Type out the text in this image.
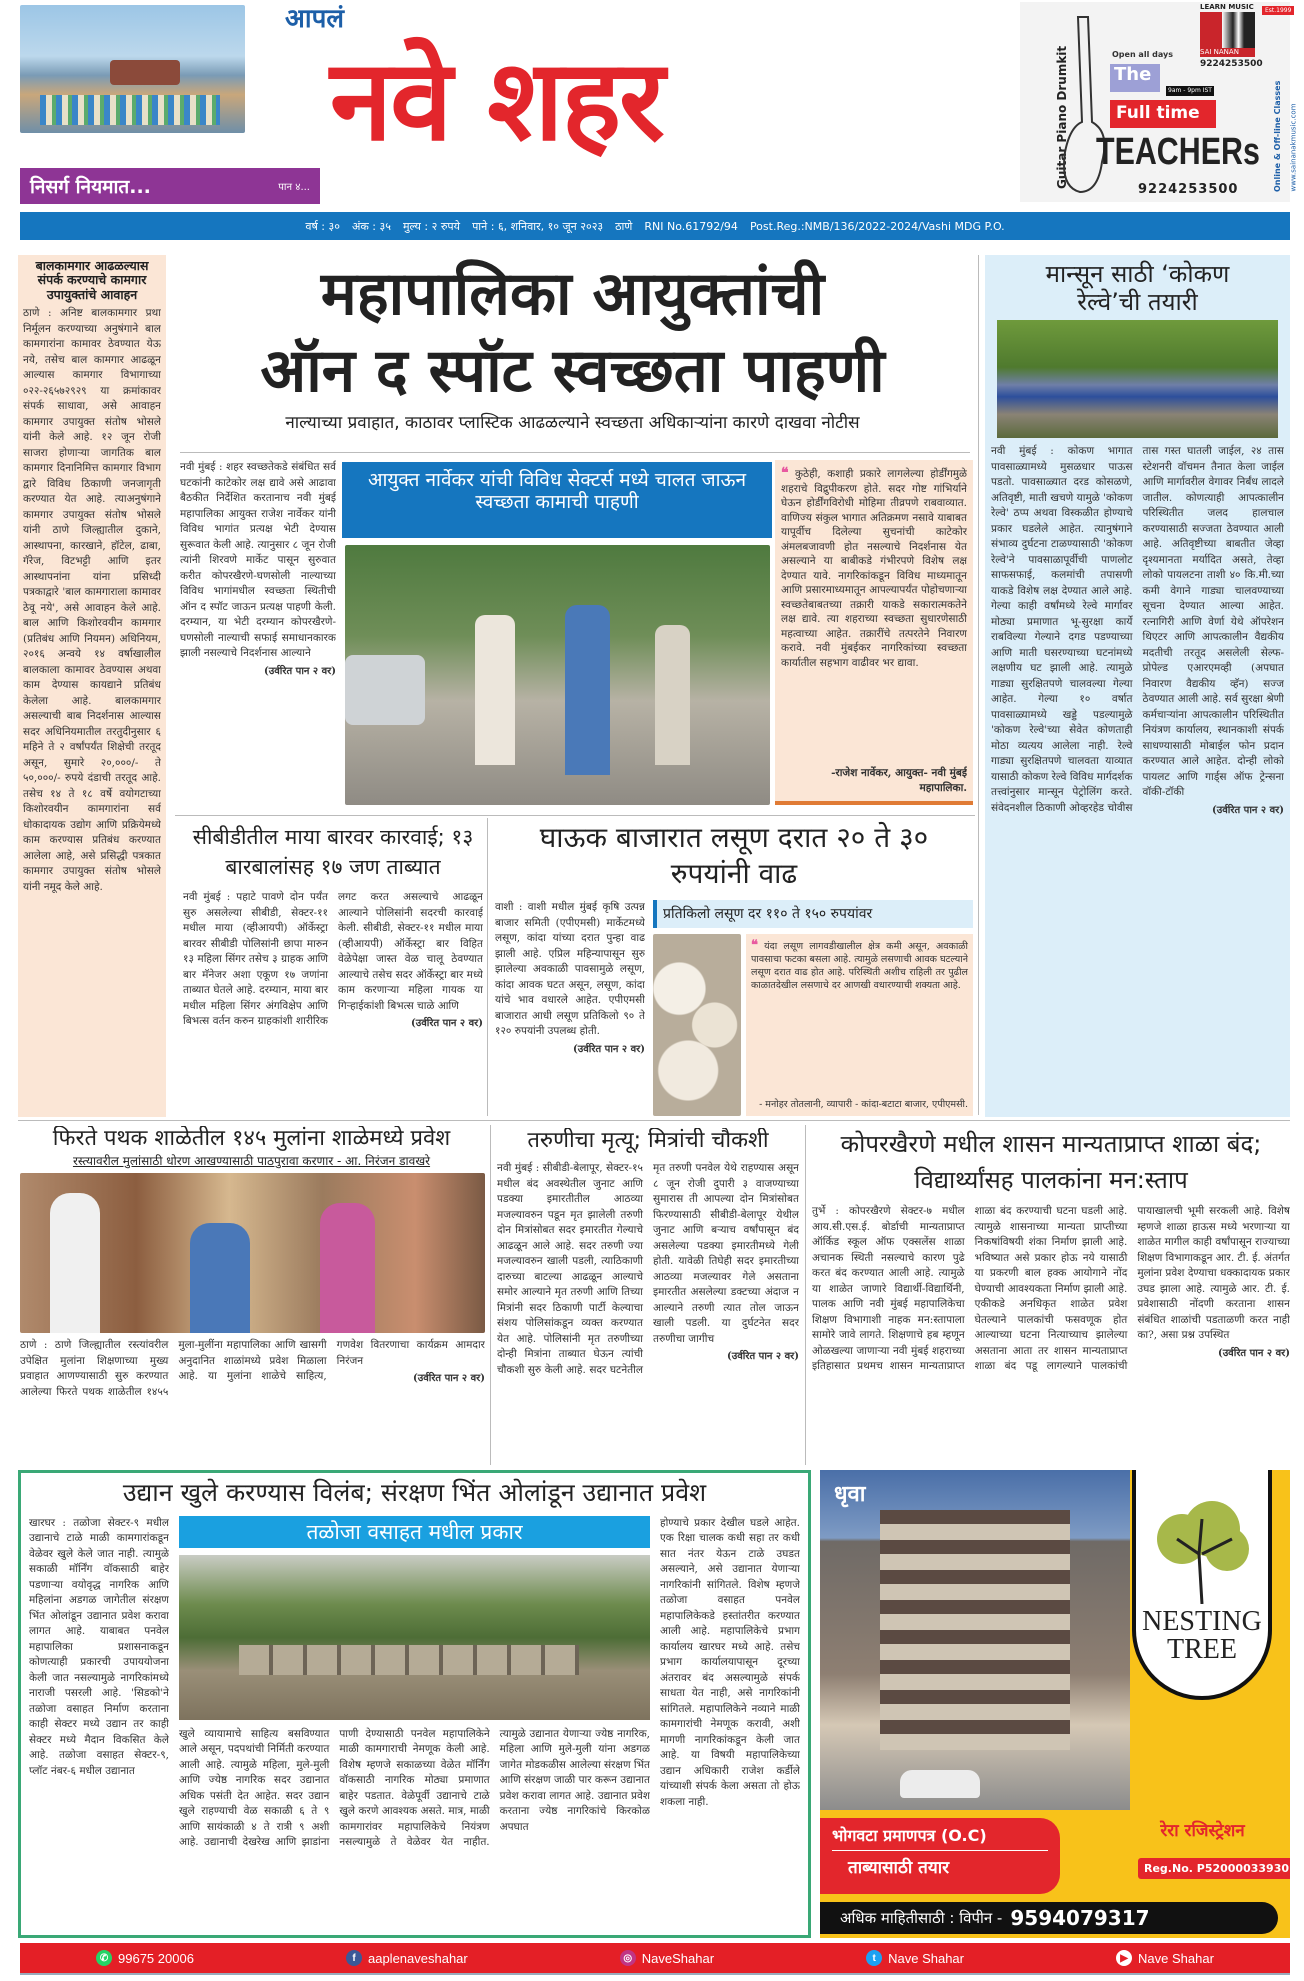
निसर्ग नियमात...	पान ४...
आपलं
नवे शहर	Guitar Piano Drumkit	Open all days
The
9am - 9pm IST
Full time
TEACHERs
9224253500
LEARN MUSIC
SAI NANAN
9224253500
Est.1999
Online & Off-line Classes www.sainanakmusic.com
वर्ष : ३० अंक : ३५ मुल्य : २ रुपये पाने : ६, शनिवार, १० जून २०२३ ठाणे RNI No.61792/94 Post.Reg.:NMB/136/2022-2024/Vashi MDG P.O.
बालकामगार आढळल्यास संपर्क करण्याचे कामगार उपायुक्तांचे आवाहन
ठाणे : अनिष्ट बालकामगार प्रथा निर्मूलन करण्याच्या अनुषंगाने बाल कामगारांना कामावर ठेवण्यात येऊ नये, तसेच बाल कामगार आढळून आल्यास कामगार विभागाच्या ०२२-२६५७२९२९ या क्रमांकावर संपर्क साधावा, असे आवाहन कामगार उपायुक्त संतोष भोसले यांनी केले आहे. १२ जून रोजी साजरा होणाऱ्या जागतिक बाल कामगार दिनानिमित्त कामगार विभाग द्वारे विविध ठिकाणी जनजागृती करण्यात येत आहे. त्याअनुषंगाने कामगार उपायुक्त संतोष भोसले यांनी ठाणे जिल्ह्यातील दुकाने, आस्थापना, कारखाने, हॉटेल, ढाबा, गॅरेज, विटभट्टी आणि इतर आस्थापनांना यांना प्रसिध्दी पत्रकाद्वारे 'बाल कामगाराला कामावर ठेवू नये', असे आवाहन केले आहे. बाल आणि किशोरवयीन कामगार (प्रतिबंध आणि नियमन) अधिनियम, २०१६ अन्वये १४ वर्षाखालील बालकाला कामावर ठेवण्यास अथवा काम देण्यास कायद्याने प्रतिबंध केलेला आहे. बालकामगार असल्याची बाब निदर्शनास आल्यास सदर अधिनियमातील तरतुदीनुसार ६ महिने ते २ वर्षांपर्यंत शिक्षेची तरतूद असून, सुमारे २०,०००/- ते ५०,०००/- रुपये दंडाची तरतूद आहे. तसेच १४ ते १८ वर्षे वयोगटाच्या किशोरवयीन कामगारांना सर्व धोकादायक उद्योग आणि प्रक्रियेमध्ये काम करण्यास प्रतिबंध करण्यात आलेला आहे, असे प्रसिद्धी पत्रकात कामगार उपायुक्त संतोष भोसले यांनी नमूद केले आहे.
महापालिका आयुक्तांची
ऑन द स्पॉट स्वच्छता पाहणी
नाल्याच्या प्रवाहात, काठावर प्लास्टिक आढळल्याने स्वच्छता अधिकाऱ्यांना कारणे दाखवा नोटीस
नवी मुंबई : शहर स्वच्छतेकडे संबंधित सर्व घटकांनी काटेकोर लक्ष द्यावे असे आढावा बैठकीत निर्देशित करतानाच नवी मुंबई महापालिका आयुक्त राजेश नार्वेकर यांनी विविध भागांत प्रत्यक्ष भेटी देण्यास सुरूवात केली आहे. त्यानुसार ८ जून रोजी त्यांनी शिरवणे मार्केट पासून सुरुवात करीत कोपरखैरणे-घणसोली नाल्याच्या विविध भागांमधील स्वच्छता स्थितीची ऑन द स्पॉट जाऊन प्रत्यक्ष पाहणी केली. दरम्यान, या भेटी दरम्यान कोपरखैरणे-घणसोली नाल्याची सफाई समाधानकारक झाली नसल्याचे निदर्शनास आल्याने
(उर्वरित पान २ वर)
आयुक्त नार्वेकर यांची विविध सेक्टर्स मध्ये चालत जाऊन स्वच्छता कामाची पाहणी
❝ कुठेही, कशाही प्रकारे लागलेल्या होर्डींगमुळे शहराचे विद्रुपीकरण होते. सदर गोष्ट गांभिर्याने घेऊन होर्डींगविरोधी मोहिमा तीव्रपणे राबवाव्यात. वाणिज्य संकुल भागात अतिक्रमण नसावे याबाबत यापूर्वीच दिलेल्या सुचनांची काटेकोर अंमलबजावणी होत नसल्याचे निदर्शनास येत असल्याने या बाबीकडे गंभीरपणे विशेष लक्ष देण्यात यावे. नागरिकांकडून विविध माध्यमातून आणि प्रसारमाध्यमातून आपल्यापर्यंत पोहोचणाऱ्या स्वच्छतेबाबतच्या तक्रारी याकडे सकारात्मकतेने लक्ष द्यावे. त्या शहराच्या स्वच्छता सुधारणेसाठी महत्वाच्या आहेत. तक्रारींचे तत्परतेने निवारण करावे. नवी मुंबईकर नागरिकांच्या स्वच्छता कार्यातील सहभाग वाढीवर भर द्यावा.
-राजेश नार्वेकर, आयुक्त- नवी मुंबई महापालिका.
मान्सून साठी ‘कोकण रेल्वे’ची तयारी
नवी मुंबई : कोकण भागात पावसाळ्यामध्ये मुसळधार पाऊस पडतो. पावसाळ्यात दरड कोसळणे, अतिवृष्टी, माती खचणे यामुळे 'कोकण रेल्वे' ठप्प अथवा विस्कळीत होण्याचे प्रकार घडलेले आहेत. त्यानुषंगाने संभाव्य दुर्घटना टाळण्यासाठी 'कोकण रेल्वे'ने पावसाळापूर्वीची पाणलोट साफसफाई, कलमांची तपासणी याकडे विशेष लक्ष देण्यात आले आहे. गेल्या काही वर्षांमध्ये रेल्वे मार्गावर मोठ्या प्रमाणात भू-सुरक्षा कार्ये राबविल्या गेल्याने दगड पडण्याच्या आणि माती घसरण्याच्या घटनांमध्ये लक्षणीय घट झाली आहे. त्यामुळे गाड्या सुरक्षितपणे चालवल्या गेल्या आहेत. गेल्या १० वर्षात पावसाळ्यामध्ये खड्डे पडल्यामुळे 'कोकण रेल्वे'च्या सेवेत कोणताही मोठा व्यत्यय आलेला नाही. रेल्वे गाड्या सुरक्षितपणे चालवता याव्यात यासाठी कोकण रेल्वे विविध मार्गदर्शक तत्त्वांनुसार मान्सून पेट्रोलिंग करते. संवेदनशील ठिकाणी ओव्हरहेड चोवीस तास गस्त घातली जाईल, २४ तास स्टेशनरी वॉचमन तैनात केला जाईल आणि मार्गावरील वेगावर निर्बंध लादले जातील. कोणत्याही आपत्कालीन परिस्थितीत जलद हालचाल करण्यासाठी सज्जता ठेवण्यात आली आहे. अतिवृष्टीच्या बाबतीत जेव्हा दृश्यमानता मर्यादित असते, तेव्हा लोको पायलटना ताशी ४० कि.मी.च्या कमी वेगाने गाड्या चालवण्याच्या सूचना देण्यात आल्या आहेत. रत्नागिरी आणि वेर्णा येथे ऑपरेशन थिएटर आणि आपत्कालीन वैद्यकीय मदतीची तरतूद असलेली सेल्फ-प्रोपेल्ड एआरएमव्ही (अपघात निवारण वैद्यकीय व्हॅन) सज्ज ठेवण्यात आली आहे. सर्व सुरक्षा श्रेणी कर्मचाऱ्यांना आपत्कालीन परिस्थितीत नियंत्रण कार्यालय, स्थानकाशी संपर्क साधण्यासाठी मोबाईल फोन प्रदान करण्यात आले आहेत. दोन्ही लोको पायलट आणि गार्ड्स ऑफ ट्रेन्सना वॉकी-टॉकी
(उर्वरित पान २ वर)
सीबीडीतील माया बारवर कारवाई; १३ बारबालांसह १७ जण ताब्यात
नवी मुंबई : पहाटे पावणे दोन पर्यंत सुरु असलेल्या सीबीडी, सेक्टर-११ मधील माया (व्हीआयपी) ऑर्केस्ट्रा बारवर सीबीडी पोलिसांनी छापा मारुन १३ महिला सिंगर तसेच ३ ग्राहक आणि बार मॅनेजर अशा एकूण १७ जणांना ताब्यात घेतले आहे. दरम्यान, माया बार मधील महिला सिंगर अंगविक्षेप आणि बिभत्स वर्तन करुन ग्राहकांशी शारीरिक लगट करत असल्याचे आढळून आल्याने पोलिसांनी सदरची कारवाई केली. सीबीडी, सेक्टर-११ मधील माया (व्हीआयपी) ऑर्केस्ट्रा बार विहित वेळेपेक्षा जास्त वेळ चालू ठेवण्यात आल्याचे तसेच सदर ऑर्केस्ट्रा बार मध्ये काम करणाऱ्या महिला गायक या गिऱ्हाईकांशी बिभत्स चाळे आणि
(उर्वरित पान २ वर)
घाऊक बाजारात लसूण दरात २० ते ३० रुपयांनी वाढ
वाशी : वाशी मधील मुंबई कृषि उत्पन्न बाजार समिती (एपीएमसी) मार्केटमध्ये लसूण, कांदा यांच्या दरात पुन्हा वाढ झाली आहे. एप्रिल महिन्यापासून सुरु झालेल्या अवकाळी पावसामुळे लसूण, कांदा आवक घटत असून, लसूण, कांदा यांचे भाव वधारले आहेत. एपीएमसी बाजारात आधी लसूण प्रतिकिलो ९० ते १२० रुपयांनी उपलब्ध होती.
(उर्वरित पान २ वर)
प्रतिकिलो लसूण दर ११० ते १५० रुपयांवर
❝ यंदा लसूण लागवडीखालील क्षेत्र कमी असून, अवकाळी पावसाचा फटका बसला आहे. त्यामुळे लसणाची आवक घटल्याने लसूण दरात वाढ होत आहे. परिस्थिती अशीच राहिली तर पुढील काळातदेखील लसणाचे दर आणखी वधारण्याची शक्यता आहे.
- मनोहर तोतलानी, व्यापारी - कांदा-बटाटा बाजार, एपीएमसी.
फिरते पथक शाळेतील १४५ मुलांना शाळेमध्ये प्रवेश
रस्त्यावरील मुलांसाठी धोरण आखण्यासाठी पाठपुरावा करणार - आ. निरंजन डावखरे
ठाणे : ठाणे जिल्ह्यातील रस्त्यांवरील उपेक्षित मुलांना शिक्षणाच्या मुख्य प्रवाहात आणण्यासाठी सुरु करण्यात आलेल्या फिरते पथक शाळेतील १४५५ मुला-मुलींना महापालिका आणि खासगी अनुदानित शाळांमध्ये प्रवेश मिळाला आहे. या मुलांना शाळेचे साहित्य, गणवेश वितरणाचा कार्यक्रम आमदार निरंजन
(उर्वरित पान २ वर)
तरुणीचा मृत्यू; मित्रांची चौकशी
नवी मुंबई : सीबीडी-बेलापूर, सेक्टर-१५ मधील बंद अवस्थेतील जुनाट आणि पडक्या इमारतीतील आठव्या मजल्यावरुन पडून मृत झालेली तरुणी दोन मित्रांसोबत सदर इमारतीत गेल्याचे आढळून आले आहे. सदर तरुणी ज्या मजल्यावरुन खाली पडली, त्याठिकाणी दारुच्या बाटल्या आढळून आल्याचे समोर आल्याने मृत तरुणी आणि तिच्या मित्रांनी सदर ठिकाणी पार्टी केल्याचा संशय पोलिसांकडून व्यक्त करण्यात येत आहे. पोलिसांनी मृत तरुणीच्या दोन्ही मित्रांना ताब्यात घेऊन त्यांची चौकशी सुरु केली आहे. सदर घटनेतील मृत तरुणी पनवेल येथे राहण्यास असून ८ जून रोजी दुपारी ३ वाजण्याच्या सुमारास ती आपल्या दोन मित्रांसोबत फिरण्यासाठी सीबीडी-बेलापूर येथील जुनाट आणि बऱ्याच वर्षांपासून बंद असलेल्या पडक्या इमारतीमध्ये गेली होती. यावेळी तिघेही सदर इमारतीच्या आठव्या मजल्यावर गेले असताना इमारतीत असलेल्या डक्टच्या अंदाज न आल्याने तरुणी त्यात तोल जाऊन खाली पडली. या दुर्घटनेत सदर तरुणीचा जागीच
(उर्वरित पान २ वर)
कोपरखैरणे मधील शासन मान्यताप्राप्त शाळा बंद; विद्यार्थ्यांसह पालकांना मन:स्ताप
तुर्भे : कोपरखैरणे सेक्टर-७ मधील आय.सी.एस.ई. बोर्डाची मान्यताप्राप्त ऑर्किड स्कूल ऑफ एक्सलेंस शाळा अचानक स्थिती नसल्याचे कारण पुढे करत बंद करण्यात आली आहे. त्यामुळे या शाळेत जाणारे विद्यार्थी-विद्यार्थिनी, पालक आणि नवी मुंबई महापालिकेचा शिक्षण विभागाशी नाहक मन:स्तापाला सामोरे जावे लागते. शिक्षणाचे हब म्हणून ओळखल्या जाणाऱ्या नवी मुंबई शहराच्या इतिहासात प्रथमच शासन मान्यताप्राप्त शाळा बंद करण्याची घटना घडली आहे. त्यामुळे शासनाच्या मान्यता प्राप्तीच्या निकषांविषयी शंका निर्माण झाली आहे. भविष्यात असे प्रकार होऊ नये यासाठी या प्रकरणी बाल हक्क आयोगाने नोंद घेण्याची आवश्यकता निर्माण झाली आहे. एकीकडे अनधिकृत शाळेत प्रवेश घेतल्याने पालकांची फसवणूक होत आल्याच्या घटना नित्याच्याच झालेल्या असताना आता तर शासन मान्यताप्राप्त शाळा बंद पडू लागल्याने पालकांची पायाखालची भूमी सरकली आहे. विशेष म्हणजे शाळा हाऊस मध्ये भरणाऱ्या या शाळेत मागील काही वर्षांपासून राज्याच्या शिक्षण विभागाकडून आर. टी. ई. अंतर्गत मुलांना प्रवेश देण्याचा धक्कादायक प्रकार उघड झाला आहे. त्यामुळे आर. टी. ई. प्रवेशासाठी नोंदणी करताना शासन संबंधित शाळांची पडताळणी करत नाही का?, असा प्रश्न उपस्थित
(उर्वरित पान २ वर)
उद्यान खुले करण्यास विलंब; संरक्षण भिंत ओलांडून उद्यानात प्रवेश
खारघर : तळोजा सेक्टर-९ मधील उद्यानाचे टाळे माळी कामगारांकडून वेळेवर खुले केले जात नाही. त्यामुळे सकाळी मॉर्निंग वॉकसाठी बाहेर पडणाऱ्या वयोवृद्ध नागरिक आणि महिलांना अडगळ जागेतील संरक्षण भिंत ओलांडून उद्यानात प्रवेश करावा लागत आहे. याबाबत पनवेल महापालिका प्रशासनाकडून कोणत्याही प्रकारची उपाययोजना केली जात नसल्यामुळे नागरिकांमध्ये नाराजी पसरली आहे. 'सिडको'ने तळोजा वसाहत निर्माण करताना काही सेक्टर मध्ये उद्यान तर काही सेक्टर मध्ये मैदान विकसित केले आहे. तळोजा वसाहत सेक्टर-९, प्लॉट नंबर-६ मधील उद्यानात
तळोजा वसाहत मधील प्रकार
खुले व्यायामाचे साहित्य बसविण्यात आले असून, पदपथांची निर्मिती करण्यात आली आहे. त्यामुळे महिला, मुले-मुली आणि ज्येष्ठ नागरिक सदर उद्यानात अधिक पसंती देत आहेत. सदर उद्यान खुले राहण्याची वेळ सकाळी ६ ते ९ आणि सायंकाळी ४ ते रात्री ९ अशी आहे. उद्यानाची देखरेख आणि झाडांना पाणी देण्यासाठी पनवेल महापालिकेने माळी कामगाराची नेमणूक केली आहे. विशेष म्हणजे सकाळच्या वेळेत मॉर्निंग वॉकसाठी नागरिक मोठ्या प्रमाणात बाहेर पडतात. वेळेपूर्वी उद्यानाचे टाळे खुले करणे आवश्यक असते. मात्र, माळी कामगारांवर महापालिकेचे नियंत्रण नसल्यामुळे ते वेळेवर येत नाहीत. त्यामुळे उद्यानात येणाऱ्या ज्येष्ठ नागरिक, महिला आणि मुले-मुली यांना अडगळ जागेत मोडकळीस आलेल्या संरक्षण भिंत आणि संरक्षण जाळी पार करून उद्यानात प्रवेश करावा लागत आहे. उद्यानात प्रवेश करताना ज्येष्ठ नागरिकांचे किरकोळ अपघात
होण्याचे प्रकार देखील घडले आहेत. एक रिक्षा चालक कधी सहा तर कधी सात नंतर येऊन टाळे उघडत असल्याने, असे उद्यानात येणाऱ्या नागरिकांनी सांगितले. विशेष म्हणजे तळोजा वसाहत पनवेल महापालिकेकडे हस्तांतरीत करण्यात आली आहे. महापालिकेचे प्रभाग कार्यालय खारघर मध्ये आहे. तसेच प्रभाग कार्यालयापासून दूरच्या अंतरावर बंद असल्यामुळे संपर्क साधता येत नाही, असे नागरिकांनी सांगितले. महापालिकेने नव्याने माळी कामगारांची नेमणूक करावी, अशी मागणी नागरिकांकडून केली जात आहे. या विषयी महापालिकेच्या उद्यान अधिकारी राजेश कर्डीले यांच्याशी संपर्क केला असता तो होऊ शकला नाही.
धृवा
NESTING
TREE
भोगवटा प्रमाणपत्र (O.C)
ताब्यासाठी तयार
रेरा रजिस्ट्रेशन
Reg.No. P52000033930
अधिक माहितीसाठी : विपीन - 9594079317
✆ 99675 20006	f aaplenaveshahar	◎ NaveShahar	t Nave Shahar	▶ Nave Shahar
